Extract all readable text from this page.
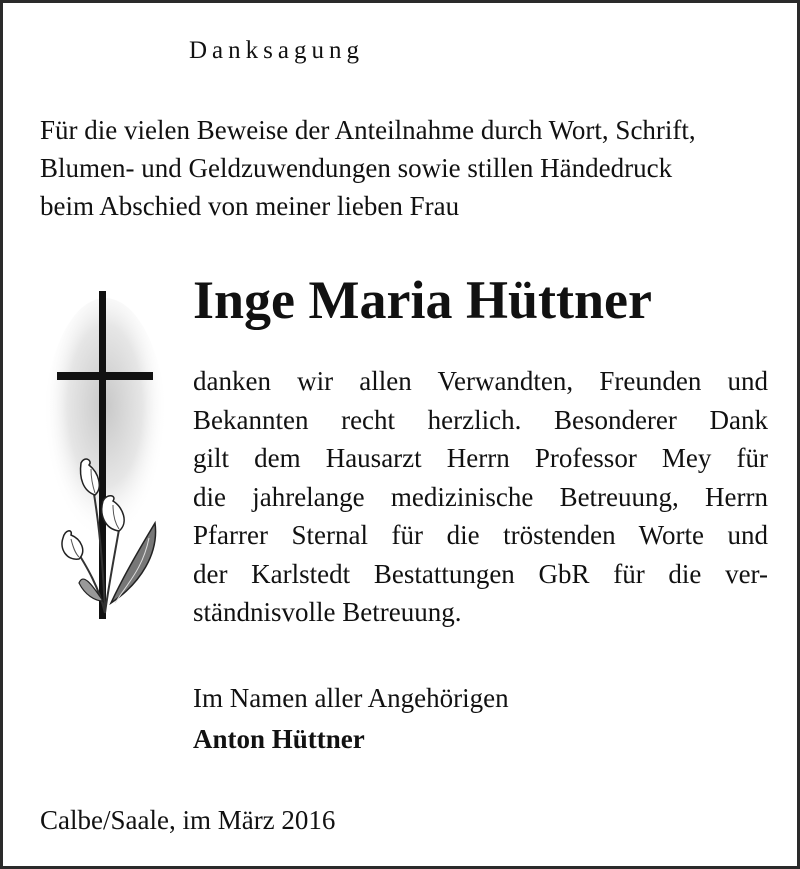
Danksagung
Für die vielen Beweise der Anteilnahme durch Wort, Schrift,
Blumen- und Geldzuwendungen sowie stillen Händedruck
beim Abschied von meiner lieben Frau
Inge Maria Hüttner
danken wir allen Verwandten, Freunden und
Bekannten recht herzlich. Besonderer Dank
gilt dem Hausarzt Herrn Professor Mey für
die jahrelange medizinische Betreuung, Herrn
Pfarrer Sternal für die tröstenden Worte und
der Karlstedt Bestattungen GbR für die ver-
ständnisvolle Betreuung.
Im Namen aller Angehörigen
Anton Hüttner
Calbe/Saale, im März 2016
